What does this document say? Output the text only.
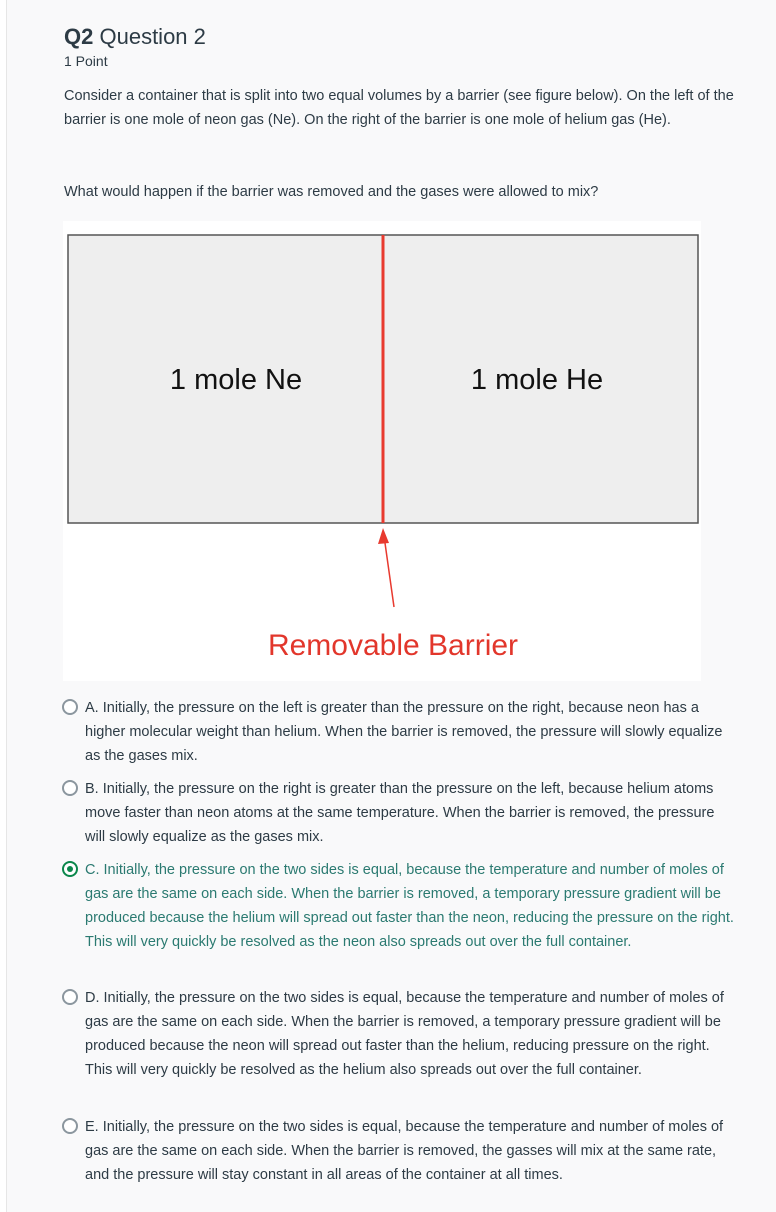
Q2 Question 2
1 Point
Consider a container that is split into two equal volumes by a barrier (see figure below). On the left of the barrier is one mole of neon gas (Ne). On the right of the barrier is one mole of helium gas (He).
What would happen if the barrier was removed and the gases were allowed to mix?
1 mole Ne	1 mole He
Removable Barrier
A. Initially, the pressure on the left is greater than the pressure on the right, because neon has a higher molecular weight than helium. When the barrier is removed, the pressure will slowly equalize as the gases mix.
B. Initially, the pressure on the right is greater than the pressure on the left, because helium atoms move faster than neon atoms at the same temperature. When the barrier is removed, the pressure will slowly equalize as the gases mix.
C. Initially, the pressure on the two sides is equal, because the temperature and number of moles of gas are the same on each side. When the barrier is removed, a temporary pressure gradient will be produced because the helium will spread out faster than the neon, reducing the pressure on the right. This will very quickly be resolved as the neon also spreads out over the full container.
D. Initially, the pressure on the two sides is equal, because the temperature and number of moles of gas are the same on each side. When the barrier is removed, a temporary pressure gradient will be produced because the neon will spread out faster than the helium, reducing pressure on the right. This will very quickly be resolved as the helium also spreads out over the full container.
E. Initially, the pressure on the two sides is equal, because the temperature and number of moles of gas are the same on each side. When the barrier is removed, the gasses will mix at the same rate, and the pressure will stay constant in all areas of the container at all times.
